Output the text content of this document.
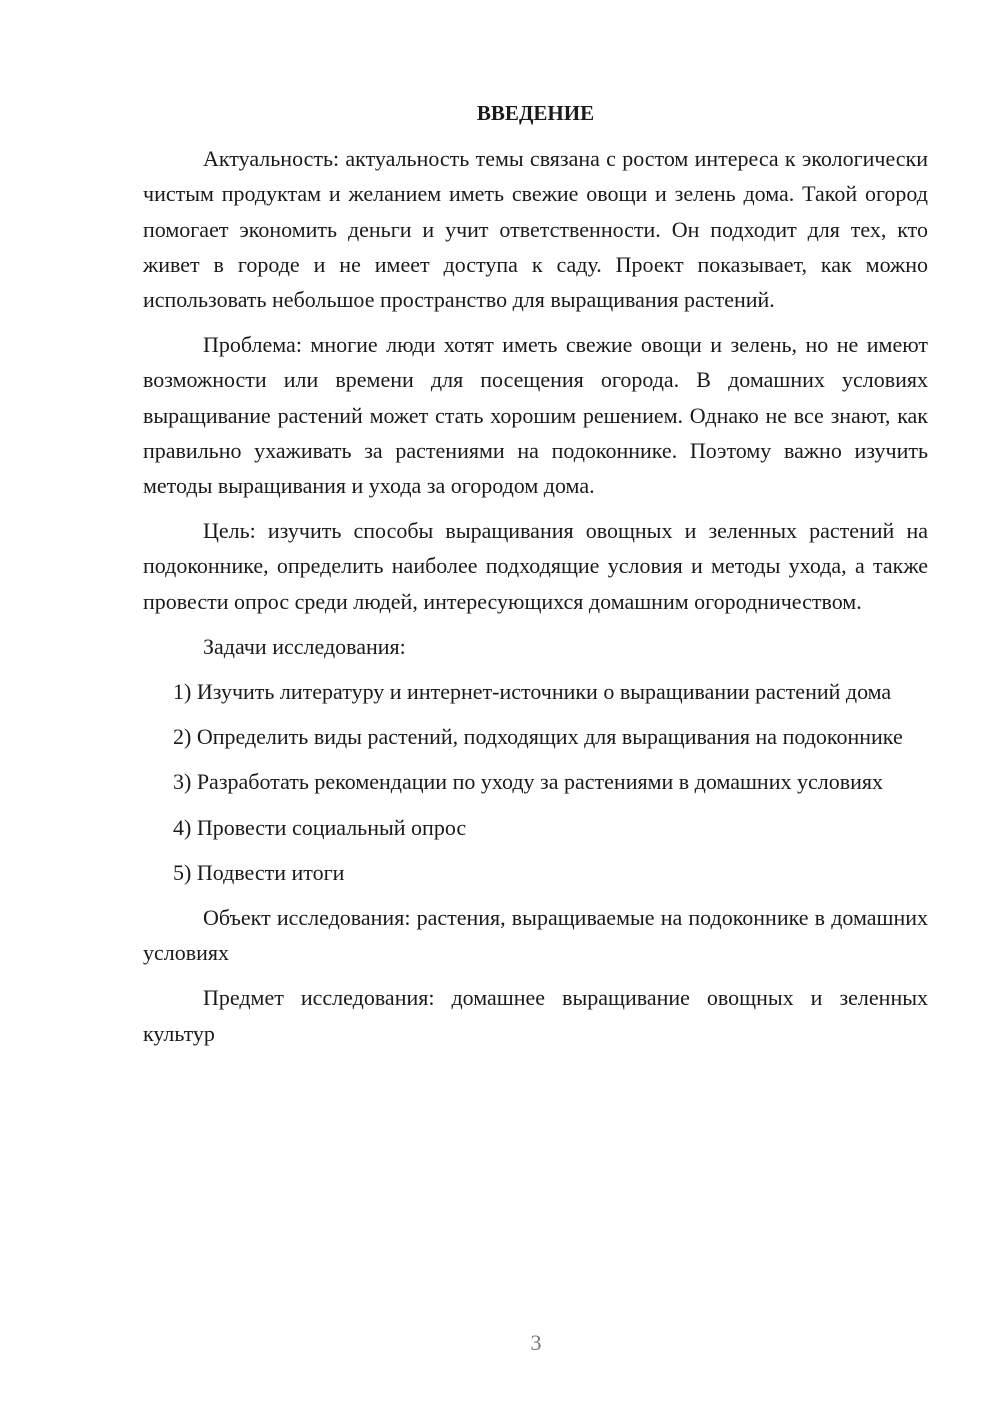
ВВЕДЕНИЕ

Актуальность: актуальность темы связана с ростом интереса к экологически чистым продуктам и желанием иметь свежие овощи и зелень дома. Такой огород помогает экономить деньги и учит ответственности. Он подходит для тех, кто живет в городе и не имеет доступа к саду. Проект показывает, как можно использовать небольшое пространство для выращивания растений.

Проблема: многие люди хотят иметь свежие овощи и зелень, но не имеют возможности или времени для посещения огорода. В домашних условиях выращивание растений может стать хорошим решением. Однако не все знают, как правильно ухаживать за растениями на подоконнике. Поэтому важно изучить методы выращивания и ухода за огородом дома.

Цель: изучить способы выращивания овощных и зеленных растений на подоконнике, определить наиболее подходящие условия и методы ухода, а также провести опрос среди людей, интересующихся домашним огородничеством.

Задачи исследования:

1) Изучить литературу и интернет-источники о выращивании растений дома

2) Определить виды растений, подходящих для выращивания на подоконнике

3) Разработать рекомендации по уходу за растениями в домашних условиях

4) Провести социальный опрос

5) Подвести итоги

Объект исследования: растения, выращиваемые на подоконнике в домашних условиях

Предмет исследования: домашнее выращивание овощных и зеленных культур

3
